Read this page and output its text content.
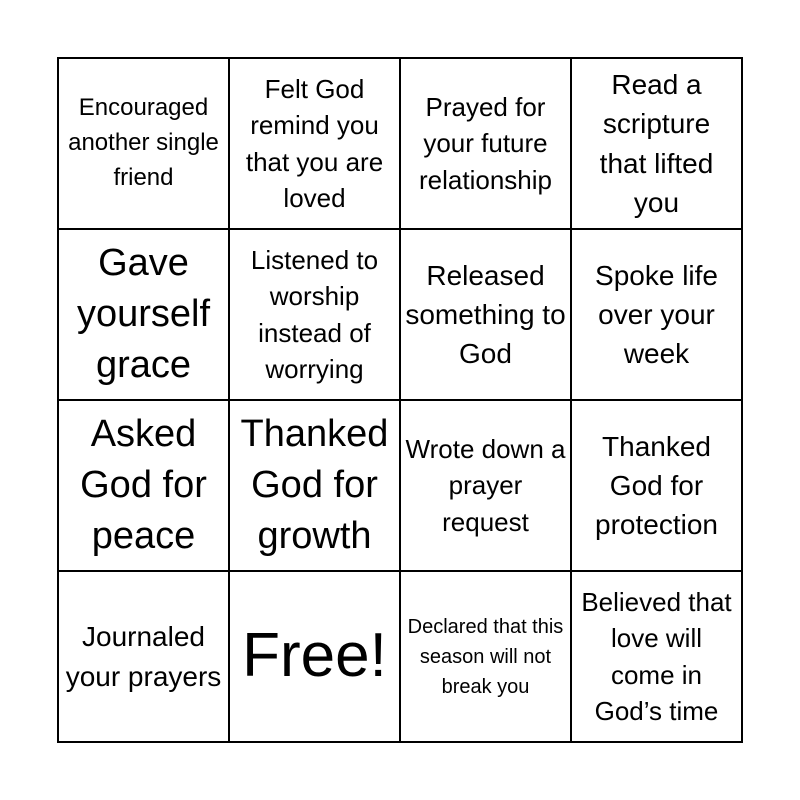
Encouraged another single friend
Felt God remind you that you are loved
Prayed for your future relationship
Read a scripture that lifted you
Gave yourself grace
Listened to worship instead of worrying
Released something to God
Spoke life over your week
Asked God for peace
Thanked God for growth
Wrote down a prayer request
Thanked God for protection
Journaled your prayers Free! Declared that this season will not break you
Believed that love will come in God’s time
